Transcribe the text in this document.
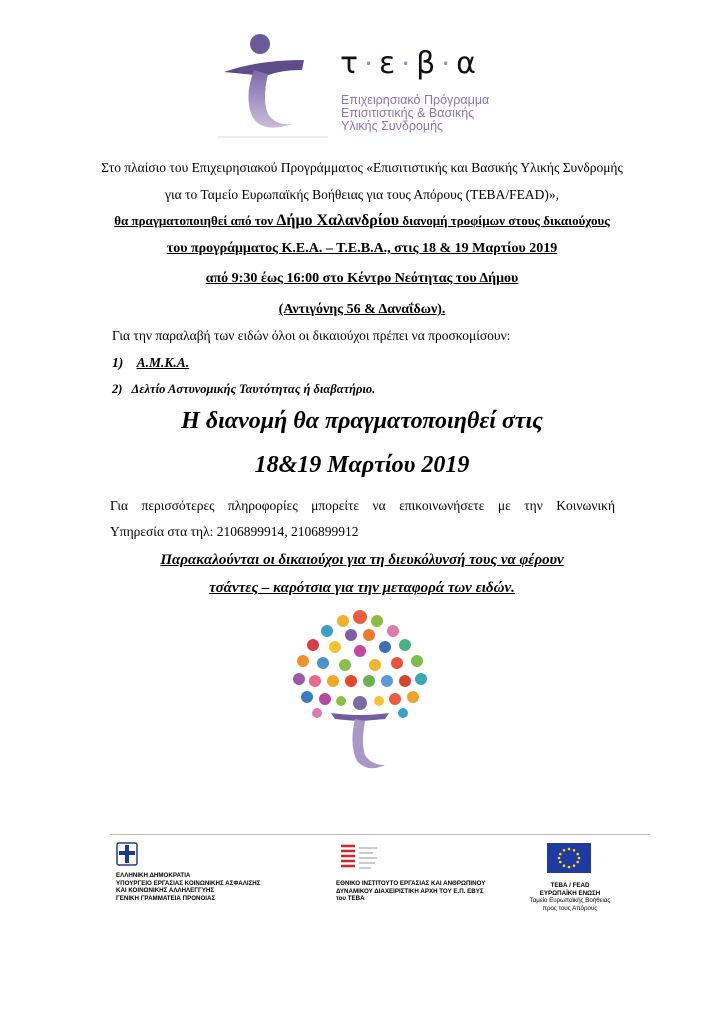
τ · ε · β · α
Επιχειρησιακό Πρόγραμμα
Επισιτιστικής & Βασικής
Υλικής Συνδρομής
Στο πλαίσιο του Επιχειρησιακού Προγράμματος «Επισιτιστικής και Βασικής Υλικής Συνδρομής
για το Ταμείο Ευρωπαϊκής Βοήθειας για τους Απόρους (ΤΕΒΑ/FEAD)»,
θα πραγματοποιηθεί από τον Δήμο Χαλανδρίου διανομή τροφίμων στους δικαιούχους
του προγράμματος Κ.Ε.Α. – Τ.Ε.Β.Α., στις 18 & 19 Μαρτίου 2019
από 9:30 έως 16:00 στο Κέντρο Νεότητας του Δήμου
(Αντιγόνης 56 & Δαναΐδων).
Για την παραλαβή των ειδών όλοι οι δικαιούχοι πρέπει να προσκομίσουν:
1) Α.Μ.Κ.Α.
2) Δελτίο Αστυνομικής Ταυτότητας ή διαβατήριο.
Η διανομή θα πραγματοποιηθεί στις
18&19 Μαρτίου 2019
Για περισσότερες πληροφορίες μπορείτε να επικοινωνήσετε με την Κοινωνική
Υπηρεσία στα τηλ: 2106899914, 2106899912
Παρακαλούνται οι δικαιούχοι για τη διευκόλυνσή τους να φέρουν
τσάντες – καρότσια για την μεταφορά των ειδών.
ΕΛΛΗΝΙΚΗ ΔΗΜΟΚΡΑΤΙΑ
ΥΠΟΥΡΓΕΙΟ ΕΡΓΑΣΙΑΣ ΚΟΙΝΩΝΙΚΗΣ ΑΣΦΑΛΙΣΗΣ
ΚΑΙ ΚΟΙΝΩΝΙΚΗΣ ΑΛΛΗΛΕΓΓΥΗΣ
ΓΕΝΙΚΗ ΓΡΑΜΜΑΤΕΙΑ ΠΡΟΝΟΙΑΣ
ΕΘΝΙΚΟ ΙΝΣΤΙΤΟΥΤΟ ΕΡΓΑΣΙΑΣ ΚΑΙ ΑΝΘΡΩΠΙΝΟΥ
ΔΥΝΑΜΙΚΟΥ ΔΙΑΧΕΙΡΙΣΤΙΚΗ ΑΡΧΗ ΤΟΥ Ε.Π. ΕΒΥΣ
του ΤΕΒΑ
ΤΕΒΑ / FEAD
ΕΥΡΩΠΑΪΚΗ ΕΝΩΣΗ
Ταμείο Ευρωπαϊκής Βοήθειας
προς τους Απόρους
